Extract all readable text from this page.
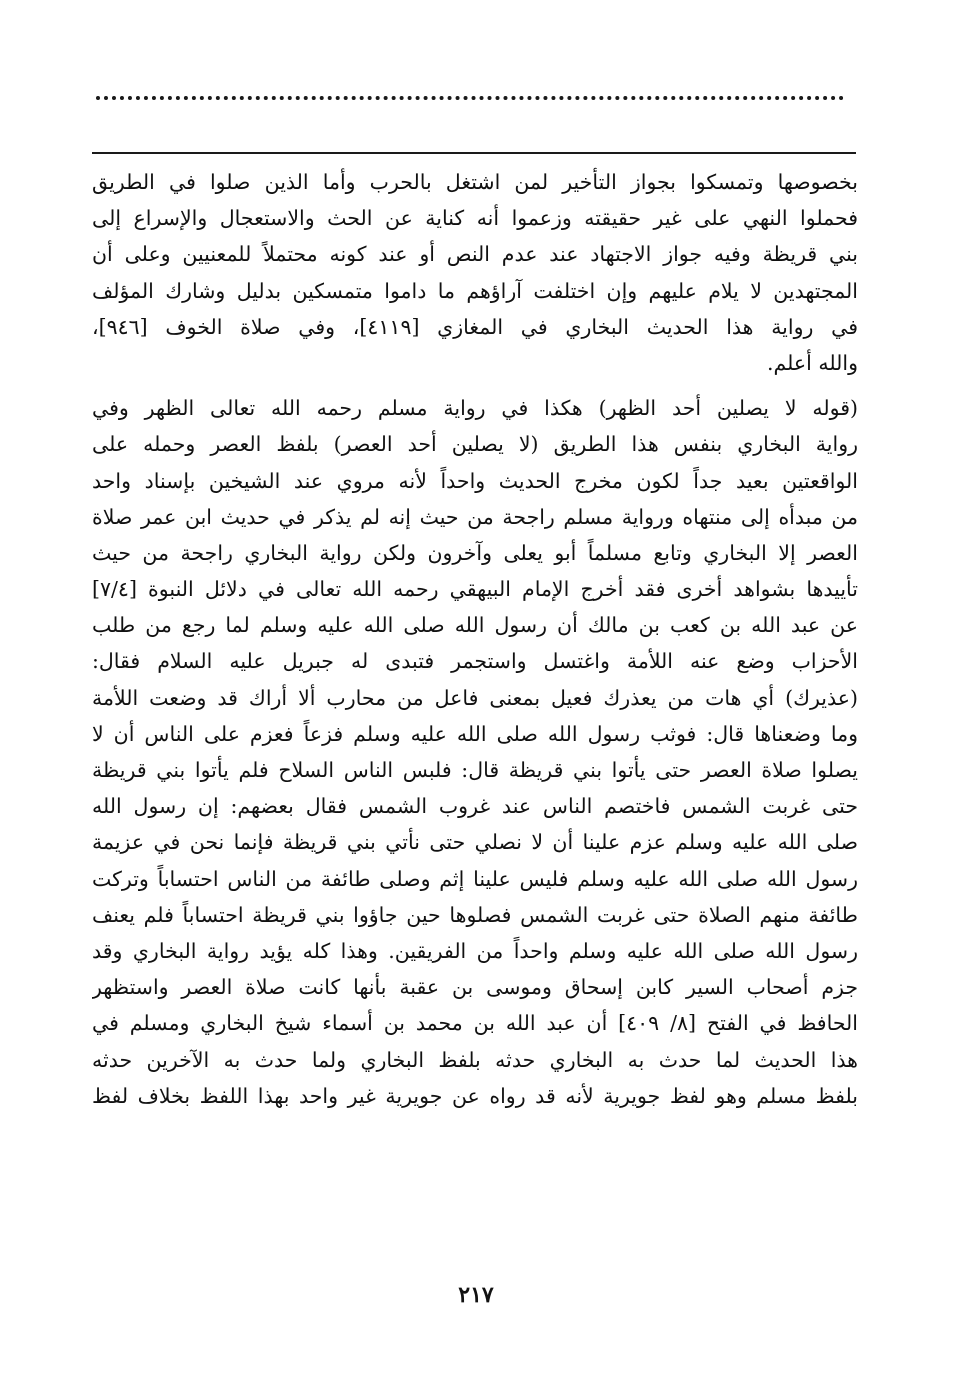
بخصوصها وتمسكوا بجواز التأخير لمن اشتغل بالحرب وأما الذين صلوا في الطريق
فحملوا النهي على غير حقيقته وزعموا أنه كناية عن الحث والاستعجال والإسراع إلى
بني قريظة وفيه جواز الاجتهاد عند عدم النص أو عند كونه محتملاً للمعنيين وعلى أن
المجتهدين لا يلام عليهم وإن اختلفت آراؤهم ما داموا متمسكين بدليل وشارك المؤلف
في رواية هذا الحديث البخاري في المغازي [٤١١٩]، وفي صلاة الخوف [٩٤٦]،
والله أعلم.
(قوله لا يصلين أحد الظهر) هكذا في رواية مسلم رحمه الله تعالى الظهر وفي
رواية البخاري بنفس هذا الطريق (لا يصلين أحد العصر) بلفظ العصر وحمله على
الواقعتين بعيد جداً لكون مخرج الحديث واحداً لأنه مروي عند الشيخين بإسناد واحد
من مبدأه إلى منتهاه ورواية مسلم راجحة من حيث إنه لم يذكر في حديث ابن عمر صلاة
العصر إلا البخاري وتابع مسلماً أبو يعلى وآخرون ولكن رواية البخاري راجحة من حيث
تأييدها بشواهد أخرى فقد أخرج الإمام البيهقي رحمه الله تعالى في دلائل النبوة [٧/٤]
عن عبد الله بن كعب بن مالك أن رسول الله صلى الله عليه وسلم لما رجع من طلب
الأحزاب وضع عنه اللأمة واغتسل واستجمر فتبدى له جبريل عليه السلام فقال:
(عذيرك) أي هات من يعذرك فعيل بمعنى فاعل من محارب ألا أراك قد وضعت اللأمة
وما وضعناها قال: فوثب رسول الله صلى الله عليه وسلم فزعاً فعزم على الناس أن لا
يصلوا صلاة العصر حتى يأتوا بني قريظة قال: فلبس الناس السلاح فلم يأتوا بني قريظة
حتى غربت الشمس فاختصم الناس عند غروب الشمس فقال بعضهم: إن رسول الله
صلى الله عليه وسلم عزم علينا أن لا نصلي حتى نأتي بني قريظة فإنما نحن في عزيمة
رسول الله صلى الله عليه وسلم فليس علينا إثم وصلى طائفة من الناس احتساباً وتركت
طائفة منهم الصلاة حتى غربت الشمس فصلوها حين جاؤوا بني قريظة احتساباً فلم يعنف
رسول الله صلى الله عليه وسلم واحداً من الفريقين. وهذا كله يؤيد رواية البخاري وقد
جزم أصحاب السير كابن إسحاق وموسى بن عقبة بأنها كانت صلاة العصر واستظهر
الحافظ في الفتح [٨/ ٤٠٩] أن عبد الله بن محمد بن أسماء شيخ البخاري ومسلم في
هذا الحديث لما حدث به البخاري حدثه بلفظ البخاري ولما حدث به الآخرين حدثه
بلفظ مسلم وهو لفظ جويرية لأنه قد رواه عن جويرية غير واحد بهذا اللفظ بخلاف لفظ
٢١٧
